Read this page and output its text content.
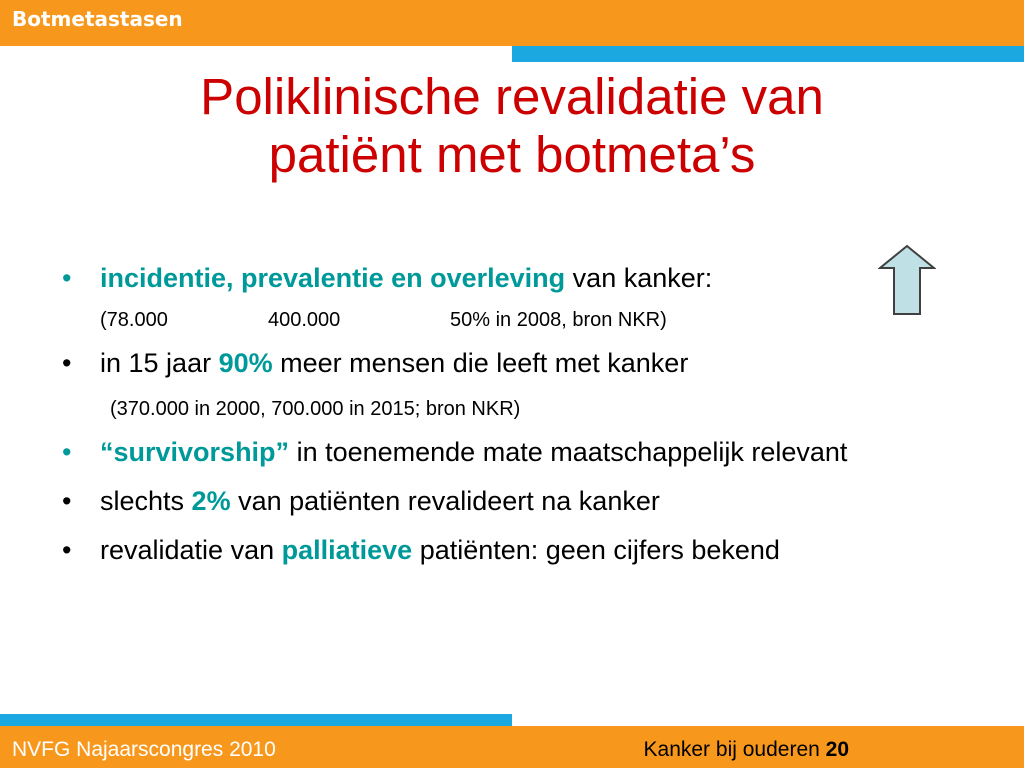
Botmetastasen
Poliklinische revalidatie van
patiënt met botmeta’s
• incidentie, prevalentie en overleving van kanker:
(78.000	400.000	50% in 2008, bron NKR)
• in 15 jaar 90% meer mensen die leeft met kanker
(370.000 in 2000, 700.000 in 2015; bron NKR)
• “survivorship” in toenemende mate maatschappelijk relevant
• slechts 2% van patiënten revalideert na kanker
• revalidatie van palliatieve patiënten: geen cijfers bekend
NVFG Najaarscongres 2010	Kanker bij ouderen 20
